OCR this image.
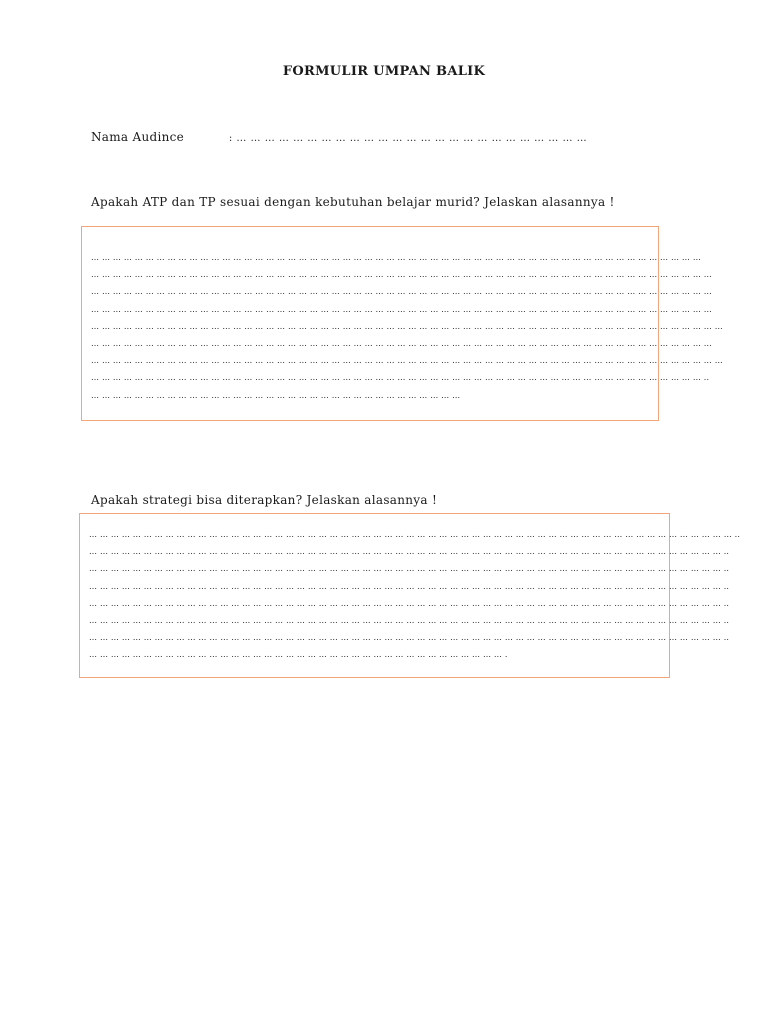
FORMULIR UMPAN BALIK
Nama Audince	: … … … … … … … … … … … … … … … … … … … … … … … … …
Apakah ATP dan TP sesuai dengan kebutuhan belajar murid? Jelaskan alasannya !
… … … … … … … … … … … … … … … … … … … … … … … … … … … … … … … … … … … … … … … … … … … … … … … … … … … … … … … …
… … … … … … … … … … … … … … … … … … … … … … … … … … … … … … … … … … … … … … … … … … … … … … … … … … … … … … … … …
… … … … … … … … … … … … … … … … … … … … … … … … … … … … … … … … … … … … … … … … … … … … … … … … … … … … … … … … …
… … … … … … … … … … … … … … … … … … … … … … … … … … … … … … … … … … … … … … … … … … … … … … … … … … … … … … … … …
… … … … … … … … … … … … … … … … … … … … … … … … … … … … … … … … … … … … … … … … … … … … … … … … … … … … … … … … … …
… … … … … … … … … … … … … … … … … … … … … … … … … … … … … … … … … … … … … … … … … … … … … … … … … … … … … … … … …
… … … … … … … … … … … … … … … … … … … … … … … … … … … … … … … … … … … … … … … … … … … … … … … … … … … … … … … … … …
… … … … … … … … … … … … … … … … … … … … … … … … … … … … … … … … … … … … … … … … … … … … … … … … … … … … … … … … ..
… … … … … … … … … … … … … … … … … … … … … … … … … … … … … … … … … …
Apakah strategi bisa diterapkan? Jelaskan alasannya !
… … … … … … … … … … … … … … … … … … … … … … … … … … … … … … … … … … … … … … … … … … … … … … … … … … … … … … … … … … … ..
… … … … … … … … … … … … … … … … … … … … … … … … … … … … … … … … … … … … … … … … … … … … … … … … … … … … … … … … … … ..
… … … … … … … … … … … … … … … … … … … … … … … … … … … … … … … … … … … … … … … … … … … … … … … … … … … … … … … … … … ..
… … … … … … … … … … … … … … … … … … … … … … … … … … … … … … … … … … … … … … … … … … … … … … … … … … … … … … … … … … ..
… … … … … … … … … … … … … … … … … … … … … … … … … … … … … … … … … … … … … … … … … … … … … … … … … … … … … … … … … … ..
… … … … … … … … … … … … … … … … … … … … … … … … … … … … … … … … … … … … … … … … … … … … … … … … … … … … … … … … … … ..
… … … … … … … … … … … … … … … … … … … … … … … … … … … … … … … … … … … … … … … … … … … … … … … … … … … … … … … … … … ..
… … … … … … … … … … … … … … … … … … … … … … … … … … … … … … … … … … … … … … .
